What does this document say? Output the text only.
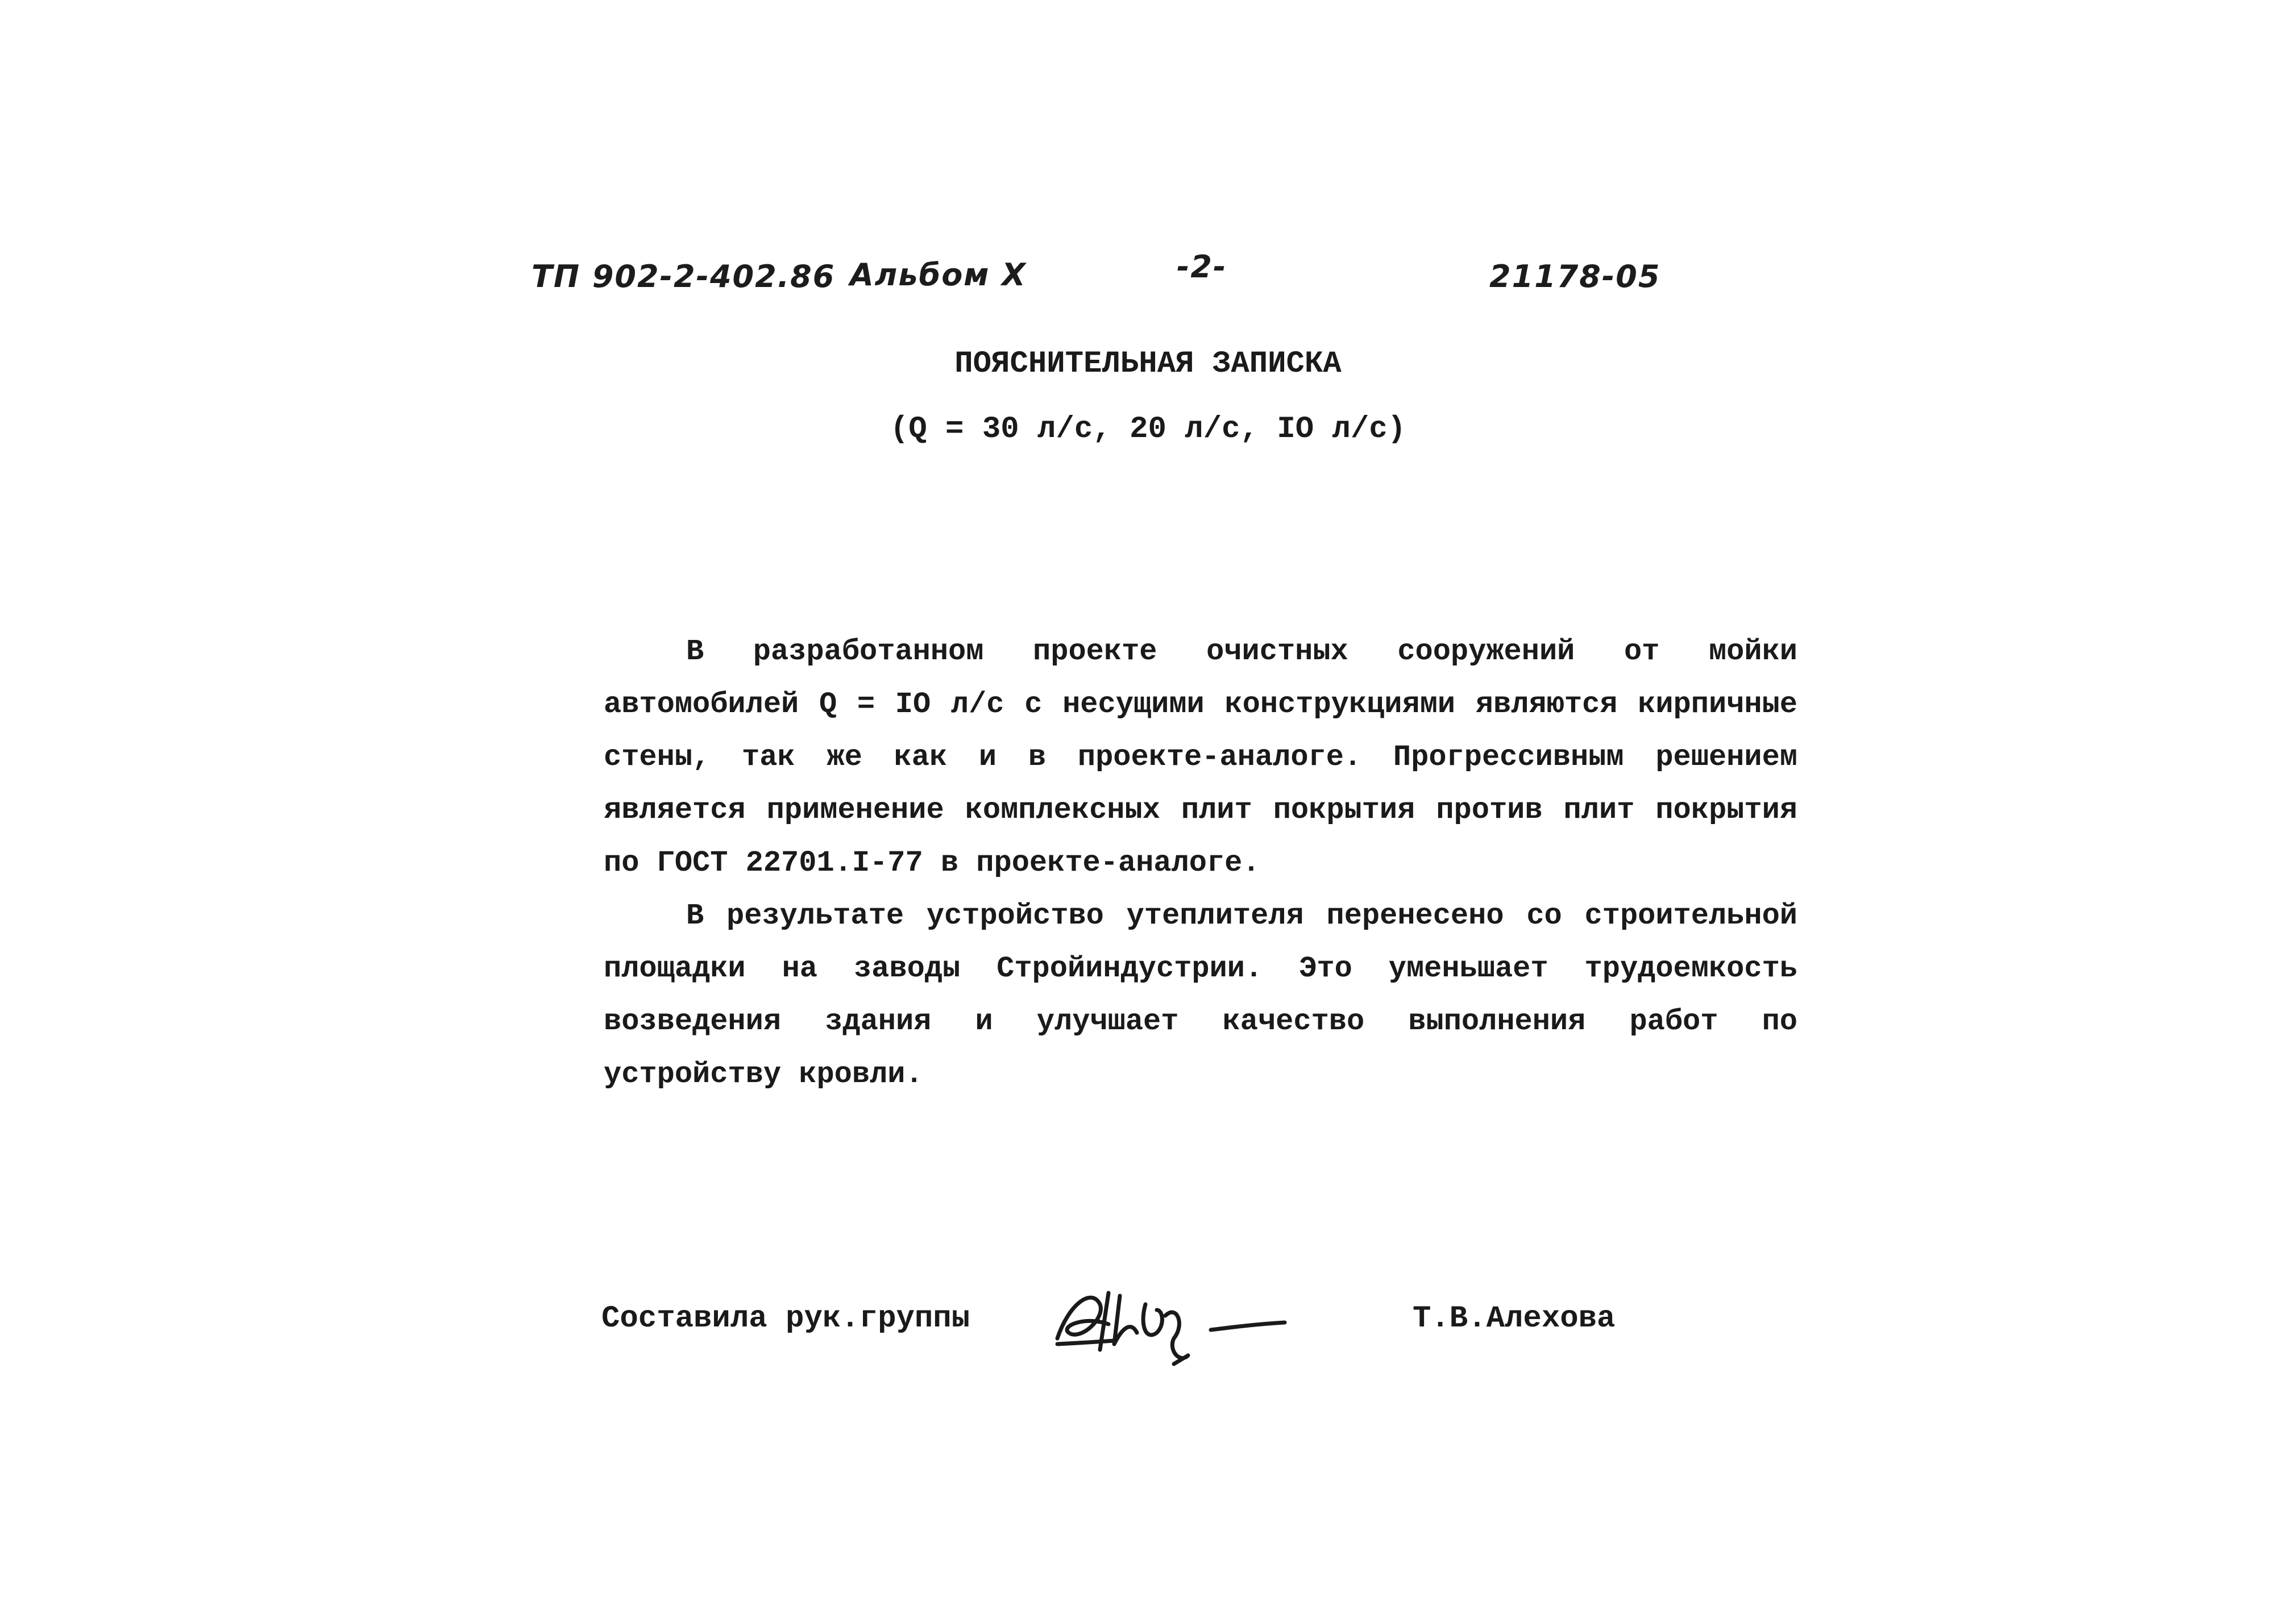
ТП 902-2-402.86 Альбом X	-2-	21178-05
ПОЯСНИТЕЛЬНАЯ ЗАПИСКА
(Q = 30 л/с, 20 л/с, IO л/с)

В разработанном проекте очистных сооружений от мойки автомобилей Q = IO л/с с несущими конструкциями являются кирпичные стены, так же как и в проекте-аналоге. Прогрессивным решением является применение комплексных плит покрытия против плит покрытия по ГОСТ 22701.I-77 в проекте-аналоге.

В результате устройство утеплителя перенесено со строительной площадки на заводы Стройиндустрии. Это уменьшает трудоемкость возведения здания и улучшает качество выполнения работ по устройству кровли.

Составила рук.группы	Т.В.Алехова
